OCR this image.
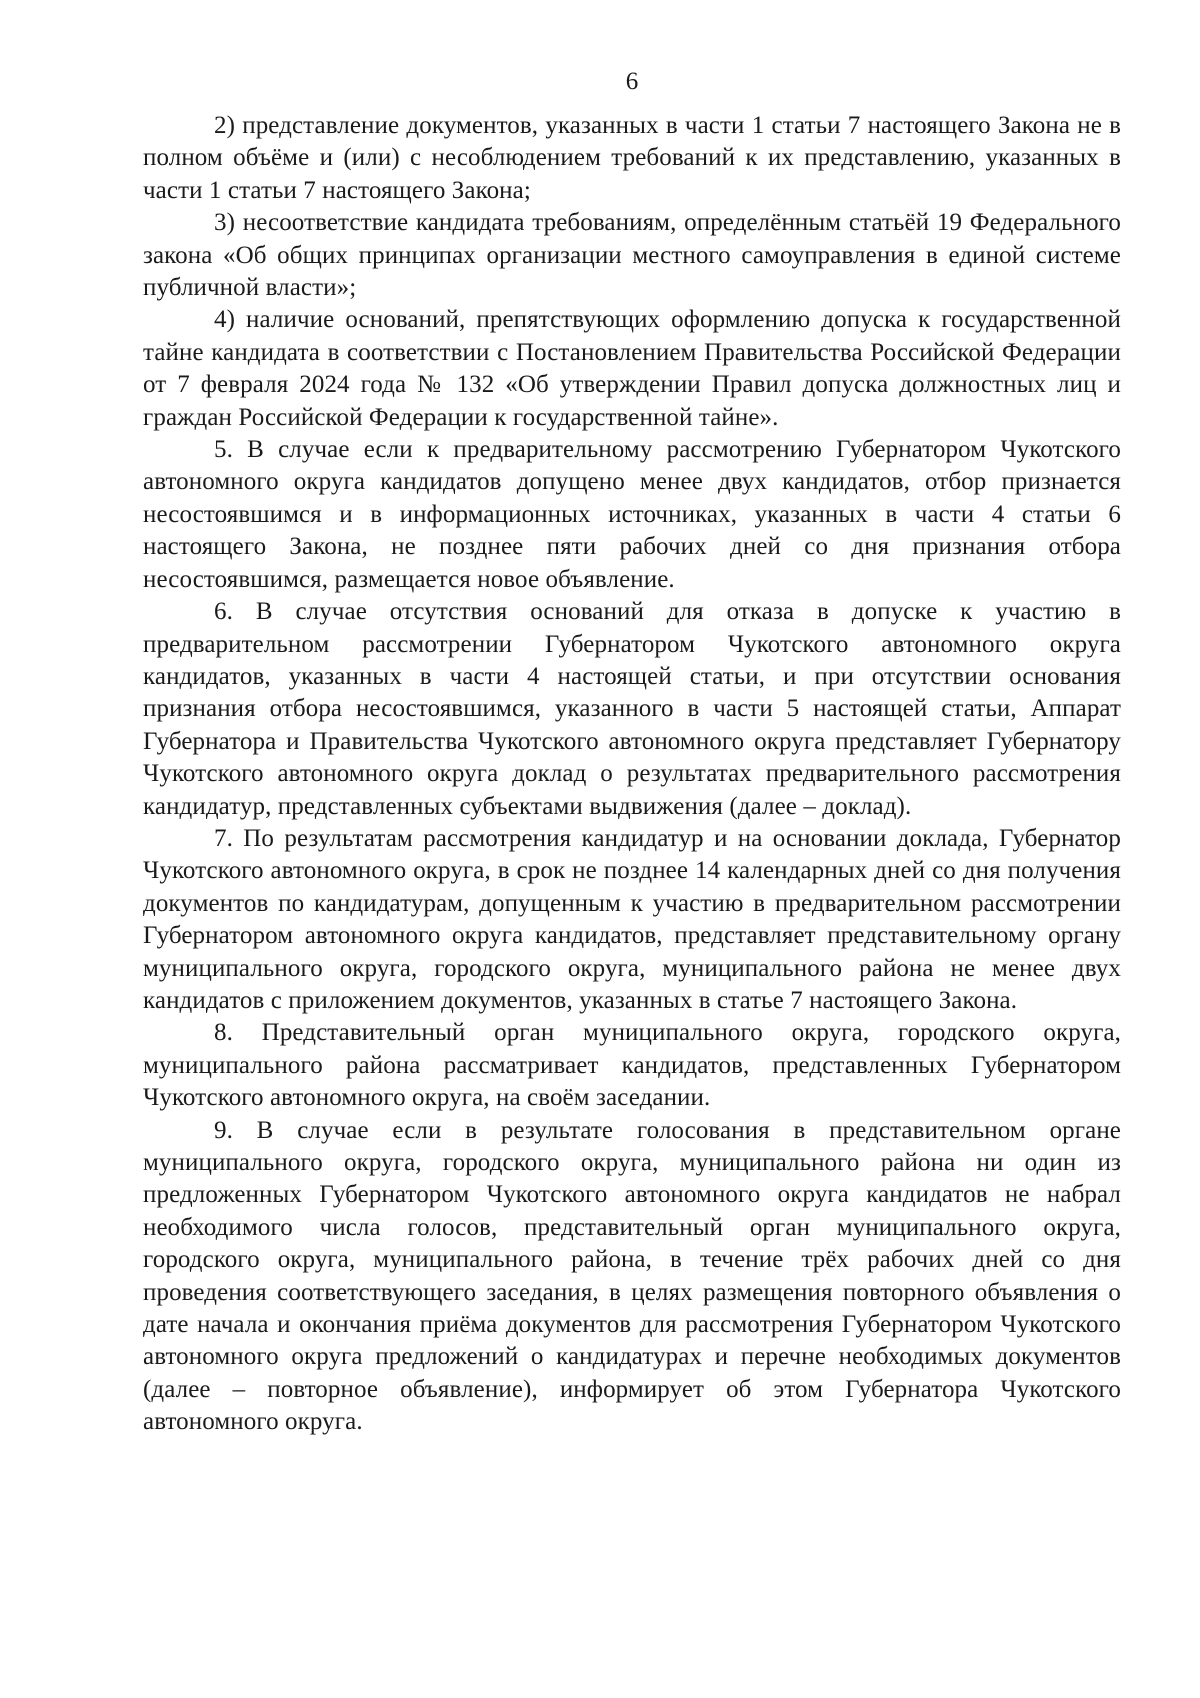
6

2) представление документов, указанных в части 1 статьи 7 настоящего Закона не в полном объёме и (или) с несоблюдением требований к их представлению, указанных в части 1 статьи 7 настоящего Закона;

3) несоответствие кандидата требованиям, определённым статьёй 19 Федерального закона «Об общих принципах организации местного самоуправления в единой системе публичной власти»;

4) наличие оснований, препятствующих оформлению допуска к государственной тайне кандидата в соответствии с Постановлением Правительства Российской Федерации от 7 февраля 2024 года № 132 «Об утверждении Правил допуска должностных лиц и граждан Российской Федерации к государственной тайне».

5. В случае если к предварительному рассмотрению Губернатором Чукотского автономного округа кандидатов допущено менее двух кандидатов, отбор признается несостоявшимся и в информационных источниках, указанных в части 4 статьи 6 настоящего Закона, не позднее пяти рабочих дней со дня признания отбора несостоявшимся, размещается новое объявление.

6. В случае отсутствия оснований для отказа в допуске к участию в предварительном рассмотрении Губернатором Чукотского автономного округа кандидатов, указанных в части 4 настоящей статьи, и при отсутствии основания признания отбора несостоявшимся, указанного в части 5 настоящей статьи, Аппарат Губернатора и Правительства Чукотского автономного округа представляет Губернатору Чукотского автономного округа доклад о результатах предварительного рассмотрения кандидатур, представленных субъектами выдвижения (далее – доклад).

7. По результатам рассмотрения кандидатур и на основании доклада, Губернатор Чукотского автономного округа, в срок не позднее 14 календарных дней со дня получения документов по кандидатурам, допущенным к участию в предварительном рассмотрении Губернатором автономного округа кандидатов, представляет представительному органу муниципального округа, городского округа, муниципального района не менее двух кандидатов с приложением документов, указанных в статье 7 настоящего Закона.

8. Представительный орган муниципального округа, городского округа, муниципального района рассматривает кандидатов, представленных Губернатором Чукотского автономного округа, на своём заседании.

9. В случае если в результате голосования в представительном органе муниципального округа, городского округа, муниципального района ни один из предложенных Губернатором Чукотского автономного округа кандидатов не набрал необходимого числа голосов, представительный орган муниципального округа, городского округа, муниципального района, в течение трёх рабочих дней со дня проведения соответствующего заседания, в целях размещения повторного объявления о дате начала и окончания приёма документов для рассмотрения Губернатором Чукотского автономного округа предложений о кандидатурах и перечне необходимых документов (далее – повторное объявление), информирует об этом Губернатора Чукотского автономного округа.
